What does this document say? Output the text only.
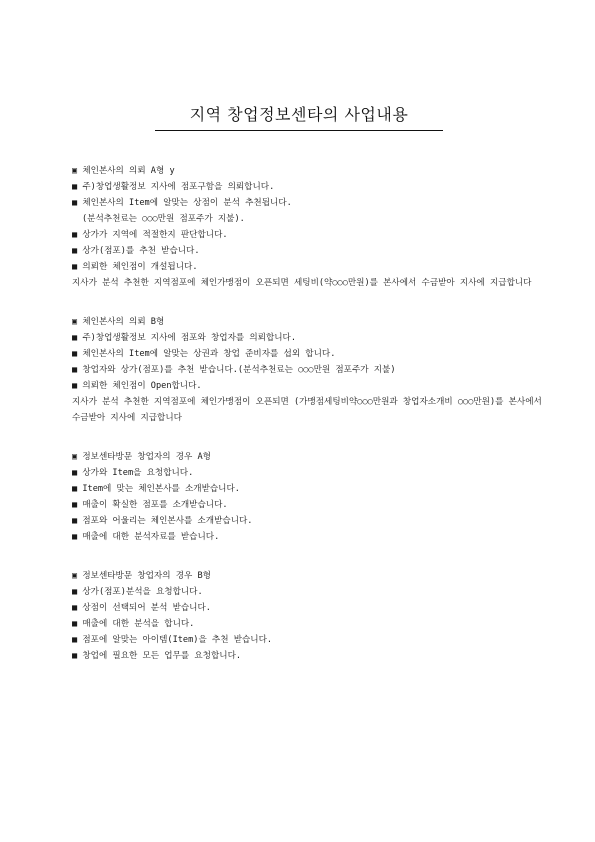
지역 창업정보센타의 사업내용
▣ 체인본사의 의뢰 A형 y
■ 주)창업생활정보 지사에 점포구함을 의뢰합니다.
■ 체인본사의 Item에 알맞는 상점이 분석 추천됩니다.
(분석추천료는 ○○○만원 점포주가 지불).
■ 상가가 지역에 적절한지 판단합니다.
■ 상가(점포)를 추천 받습니다.
■ 의뢰한 체인점이 개설됩니다.
지사가 분석 추천한 지역점포에 체인가맹점이 오픈되면 세팅비(약○○○만원)를 본사에서 수금받아 지사에 지급합니다
▣ 체인본사의 의뢰 B형
■ 주)창업생활정보 지사에 점포와 창업자를 의뢰합니다.
■ 체인본사의 Item에 알맞는 상권과 창업 준비자를 섭외 합니다.
■ 창업자와 상가(점포)를 추천 받습니다.(분석추천료는 ○○○만원 점포주가 지불)
■ 의뢰한 체인점이 Open합니다.
지사가 분석 추천한 지역점포에 체인가맹점이 오픈되면 (가맹점세팅비약○○○만원과 창업자소개비 ○○○만원)를 본사에서 수금받아 지사에 지급합니다
▣ 정보센타방문 창업자의 경우 A형
■ 상가와 Item을 요청합니다.
■ Item에 맞는 체인본사를 소개받습니다.
■ 매출이 확실한 점포를 소개받습니다.
■ 점포와 어울리는 체인본사를 소개받습니다.
■ 매출에 대한 분석자료를 받습니다.
▣ 정보센타방문 창업자의 경우 B형
■ 상가(점포)분석을 요청합니다.
■ 상점이 선택되어 분석 받습니다.
■ 매출에 대한 분석을 합니다.
■ 점포에 알맞는 아이템(Item)을 추천 받습니다.
■ 창업에 필요한 모든 업무를 요청합니다.
